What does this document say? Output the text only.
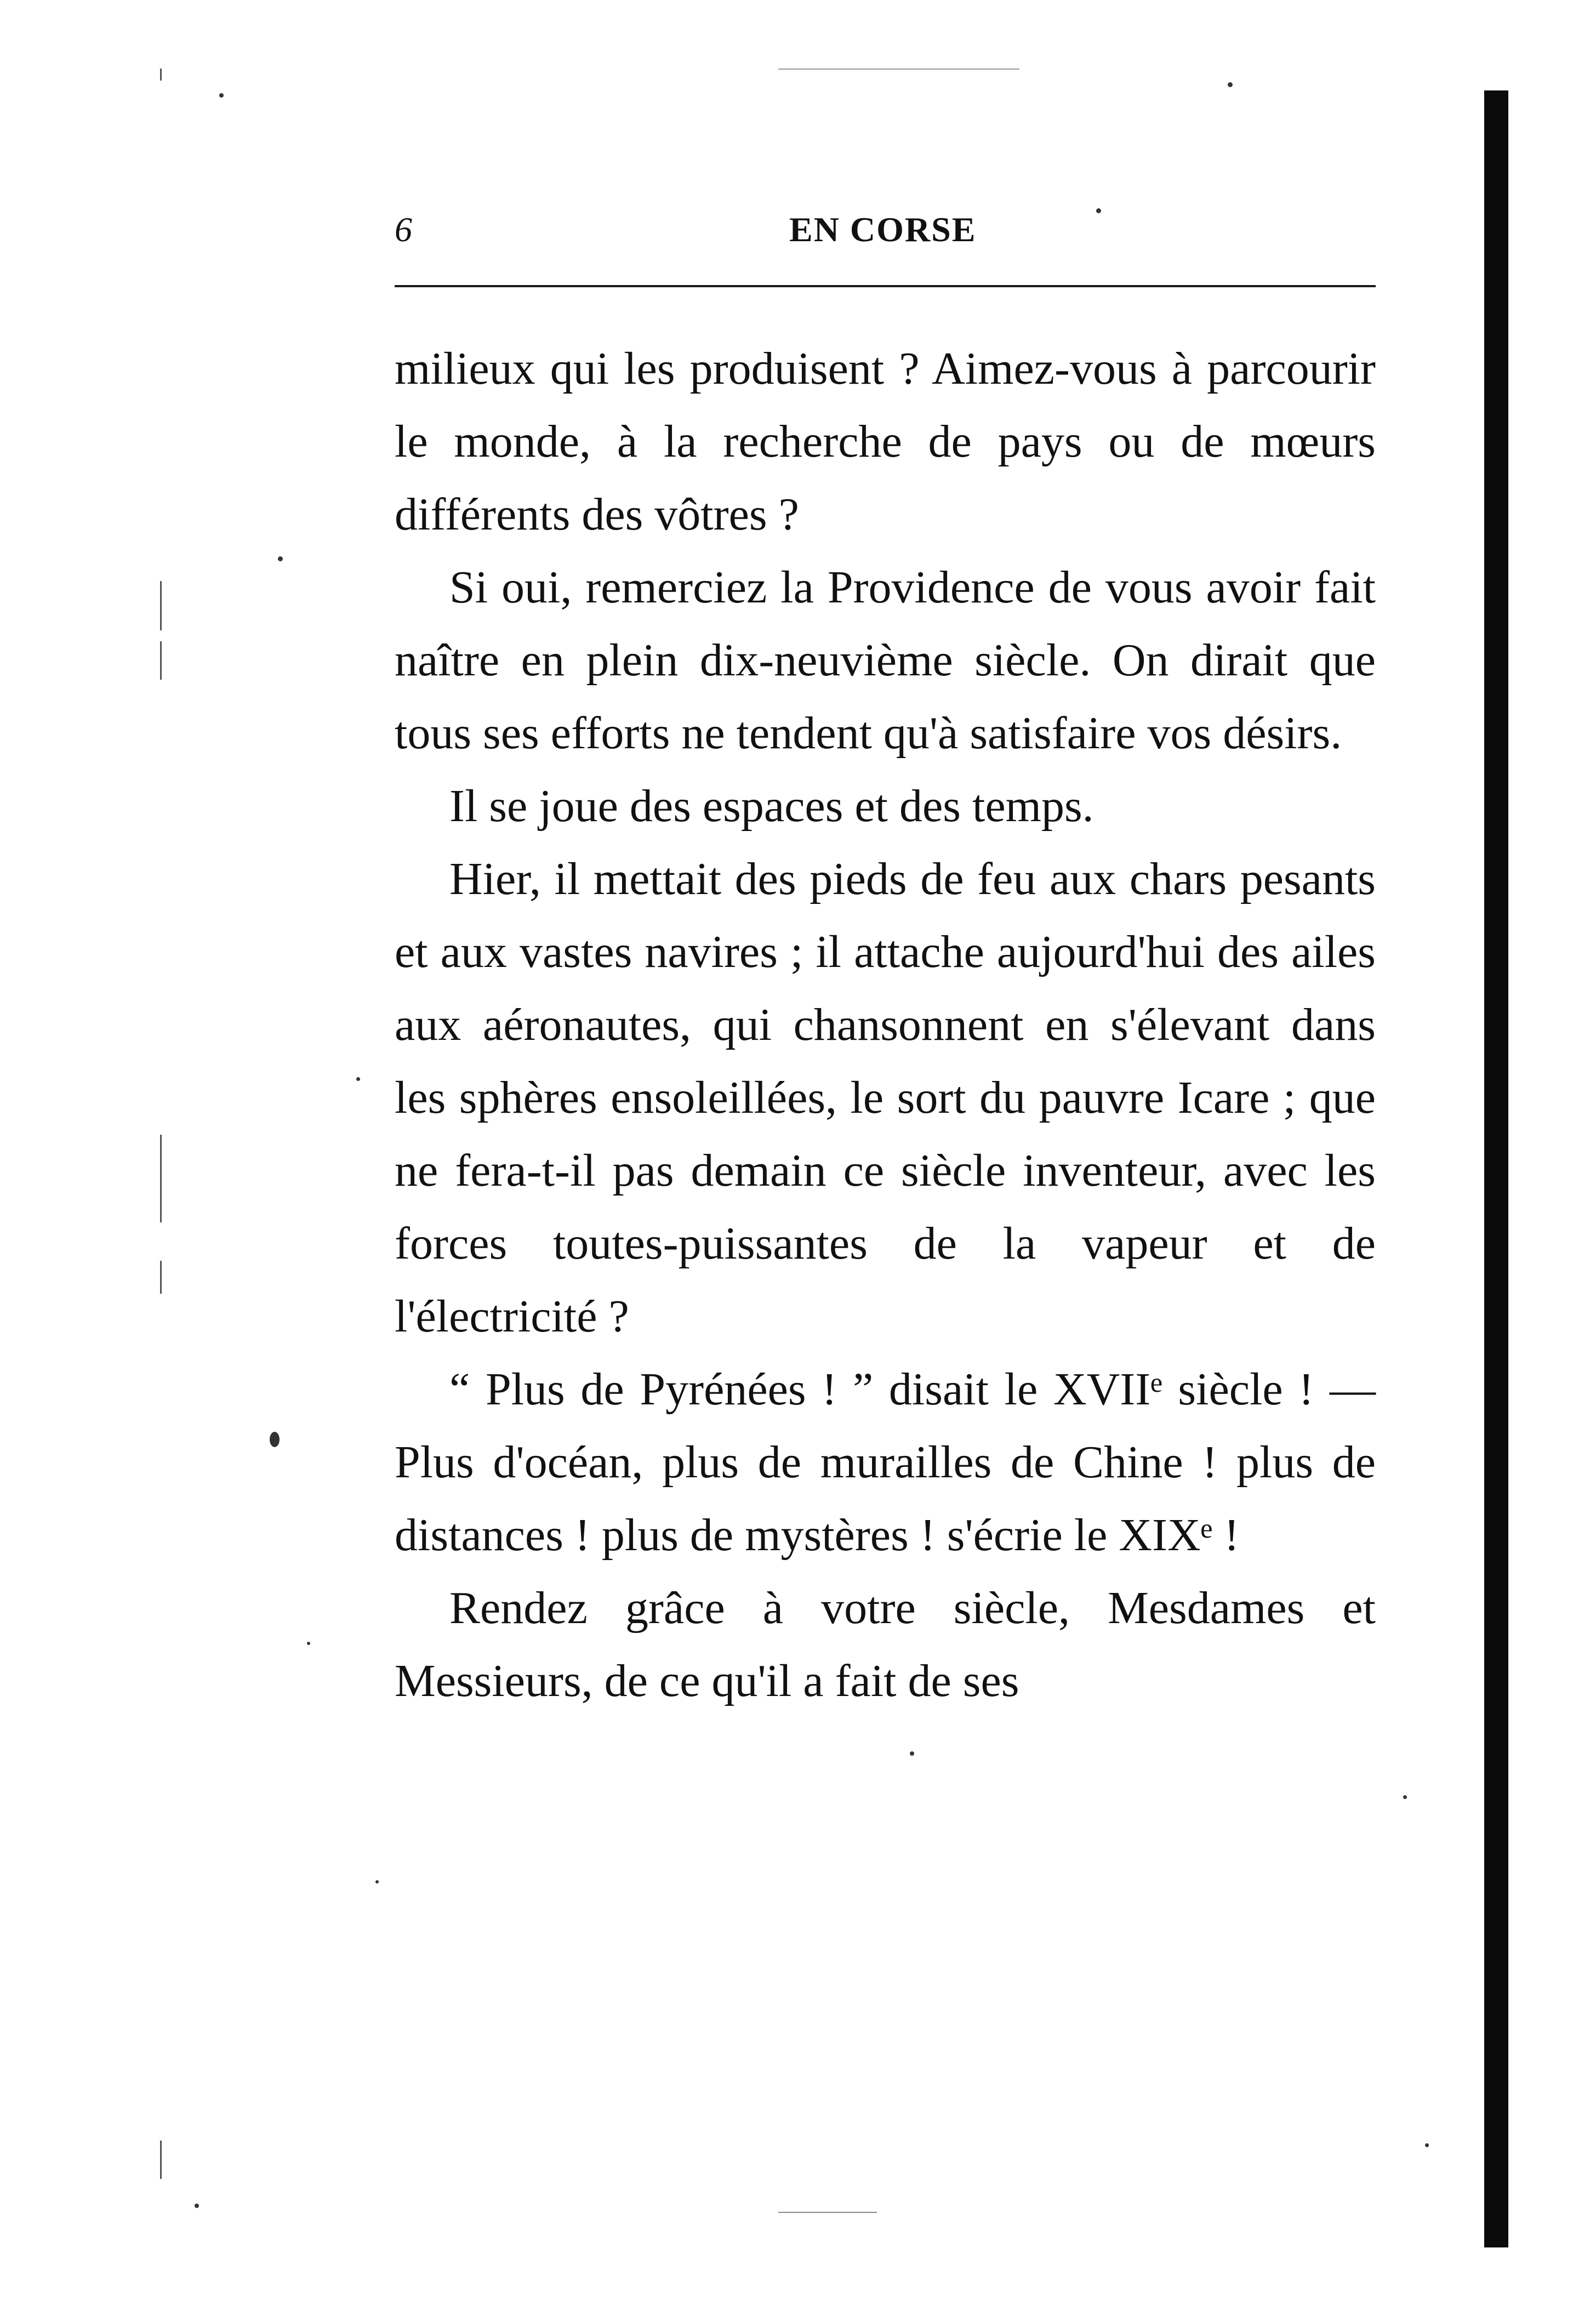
6	EN CORSE

milieux qui les produisent ? Aimez-vous à parcourir le monde, à la recherche de pays ou de mœurs différents des vôtres ?

Si oui, remerciez la Providence de vous avoir fait naître en plein dix-neuvième siècle. On dirait que tous ses efforts ne tendent qu'à satisfaire vos désirs.

Il se joue des espaces et des temps.

Hier, il mettait des pieds de feu aux chars pesants et aux vastes navires ; il attache aujourd'hui des ailes aux aéronautes, qui chansonnent en s'élevant dans les sphères ensoleillées, le sort du pauvre Icare ; que ne fera-t-il pas demain ce siècle inventeur, avec les forces toutes-puissantes de la vapeur et de l'électricité ?

“ Plus de Pyrénées ! ” disait le XVIIᵉ siècle ! — Plus d'océan, plus de murailles de Chine ! plus de distances ! plus de mystères ! s'écrie le XIXᵉ !

Rendez grâce à votre siècle, Mesdames et Messieurs, de ce qu'il a fait de ses
